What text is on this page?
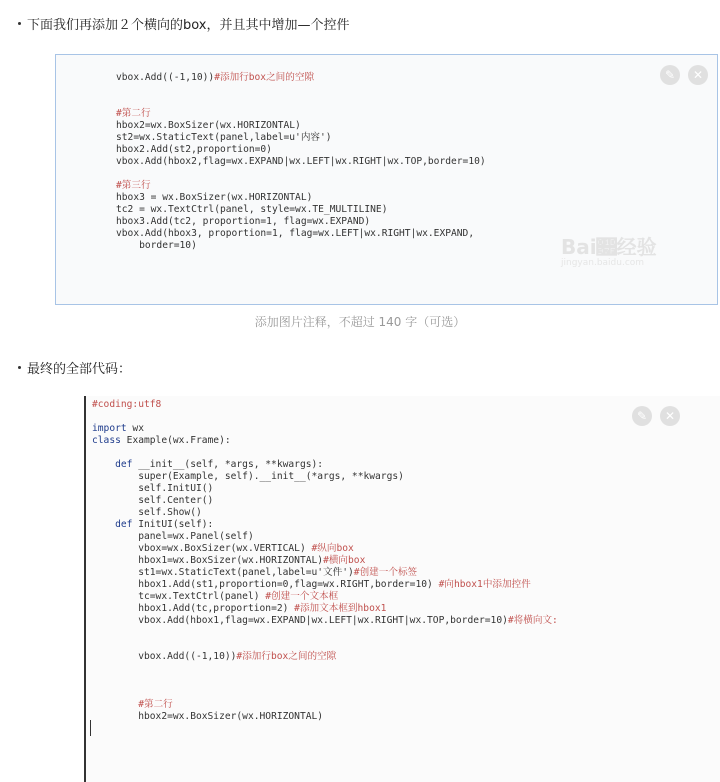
下面我们再添加２个横向的box，并且其中增加—个控件
vbox.Add((-1,10))#添加行box之间的空隙

#第二行
hbox2=wx.BoxSizer(wx.HORIZONTAL)
st2=wx.StaticText(panel,label=u'内容')
hbox2.Add(st2,proportion=0)
vbox.Add(hbox2,flag=wx.EXPAND|wx.LEFT|wx.RIGHT|wx.TOP,border=10)

#第三行
hbox3 = wx.BoxSizer(wx.HORIZONTAL)
tc2 = wx.TextCtrl(panel, style=wx.TE_MULTILINE)
hbox3.Add(tc2, proportion=1, flag=wx.EXPAND)
vbox.Add(hbox3, proportion=1, flag=wx.LEFT|wx.RIGHT|wx.EXPAND,
border=10)
✎	✕
Bai𝍿经验
jingyan.baidu.com
添加图片注释，不超过 140 字（可选）
最终的全部代码：
#coding:utf8

import wx
class Example(wx.Frame):

def __init__(self, *args, **kwargs):
super(Example, self).__init__(*args, **kwargs)
self.InitUI()
self.Center()
self.Show()
def InitUI(self):
panel=wx.Panel(self)
vbox=wx.BoxSizer(wx.VERTICAL) #纵向box
hbox1=wx.BoxSizer(wx.HORIZONTAL)#横向box
st1=wx.StaticText(panel,label=u'文件')#创建一个标签
hbox1.Add(st1,proportion=0,flag=wx.RIGHT,border=10) #向hbox1中添加控件
tc=wx.TextCtrl(panel) #创建一个文本框
hbox1.Add(tc,proportion=2) #添加文本框到hbox1
vbox.Add(hbox1,flag=wx.EXPAND|wx.LEFT|wx.RIGHT|wx.TOP,border=10)#将横向文:

vbox.Add((-1,10))#添加行box之间的空隙

#第二行
hbox2=wx.BoxSizer(wx.HORIZONTAL)
✎	✕
